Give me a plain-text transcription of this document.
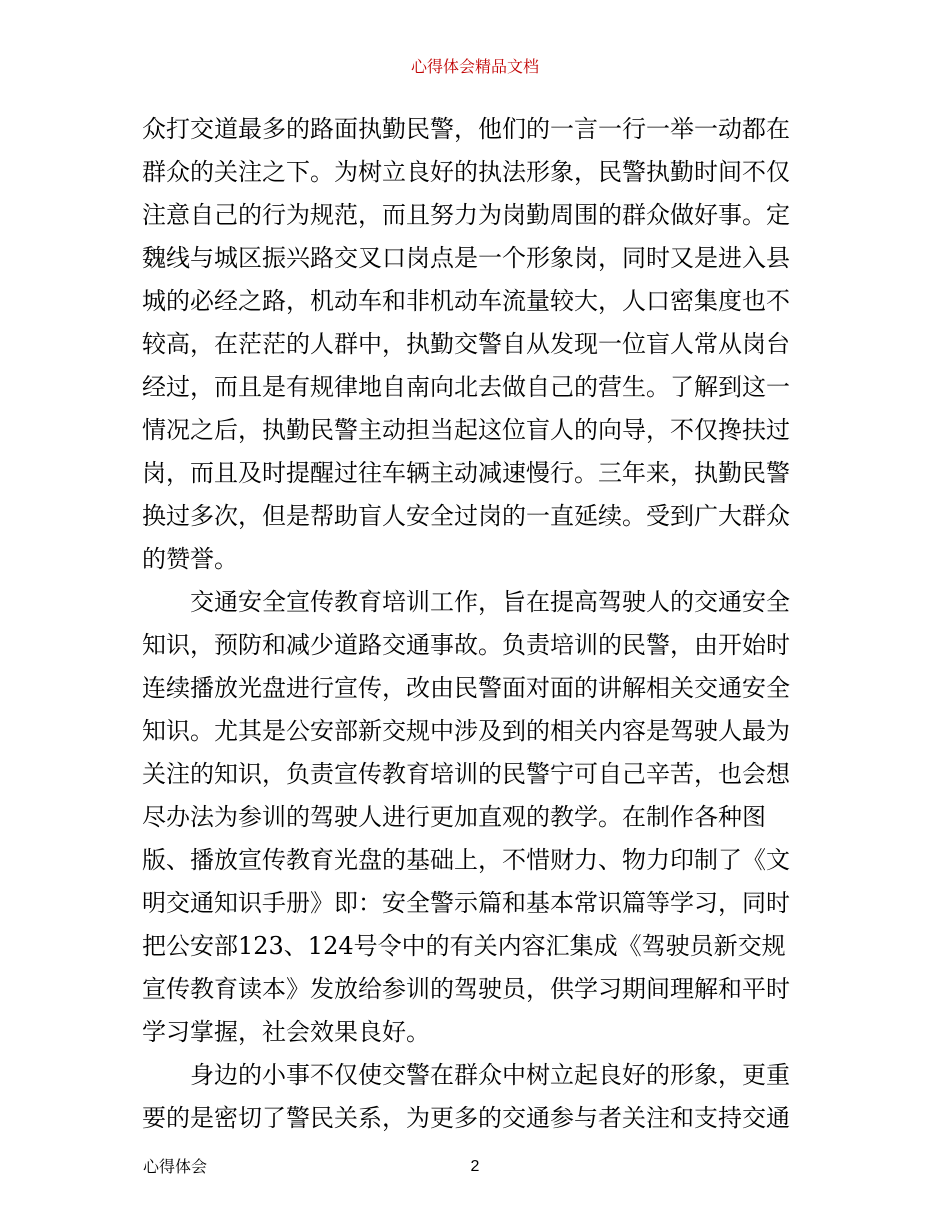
心得体会精品文档
众打交道最多的路面执勤民警，他们的一言一行一举一动都在
群众的关注之下。为树立良好的执法形象，民警执勤时间不仅
注意自己的行为规范，而且努力为岗勤周围的群众做好事。定
魏线与城区振兴路交叉口岗点是一个形象岗，同时又是进入县
城的必经之路，机动车和非机动车流量较大，人口密集度也不
较高，在茫茫的人群中，执勤交警自从发现一位盲人常从岗台
经过，而且是有规律地自南向北去做自己的营生。了解到这一
情况之后，执勤民警主动担当起这位盲人的向导，不仅搀扶过
岗，而且及时提醒过往车辆主动减速慢行。三年来，执勤民警
换过多次，但是帮助盲人安全过岗的一直延续。受到广大群众
的赞誉。
　　交通安全宣传教育培训工作，旨在提高驾驶人的交通安全
知识，预防和减少道路交通事故。负责培训的民警，由开始时
连续播放光盘进行宣传，改由民警面对面的讲解相关交通安全
知识。尤其是公安部新交规中涉及到的相关内容是驾驶人最为
关注的知识，负责宣传教育培训的民警宁可自己辛苦，也会想
尽办法为参训的驾驶人进行更加直观的教学。在制作各种图
版、播放宣传教育光盘的基础上，不惜财力、物力印制了《文
明交通知识手册》即：安全警示篇和基本常识篇等学习，同时
把公安部123、124号令中的有关内容汇集成《驾驶员新交规
宣传教育读本》发放给参训的驾驶员，供学习期间理解和平时
学习掌握，社会效果良好。
　　身边的小事不仅使交警在群众中树立起良好的形象，更重
要的是密切了警民关系，为更多的交通参与者关注和支持交通
心得体会	2
